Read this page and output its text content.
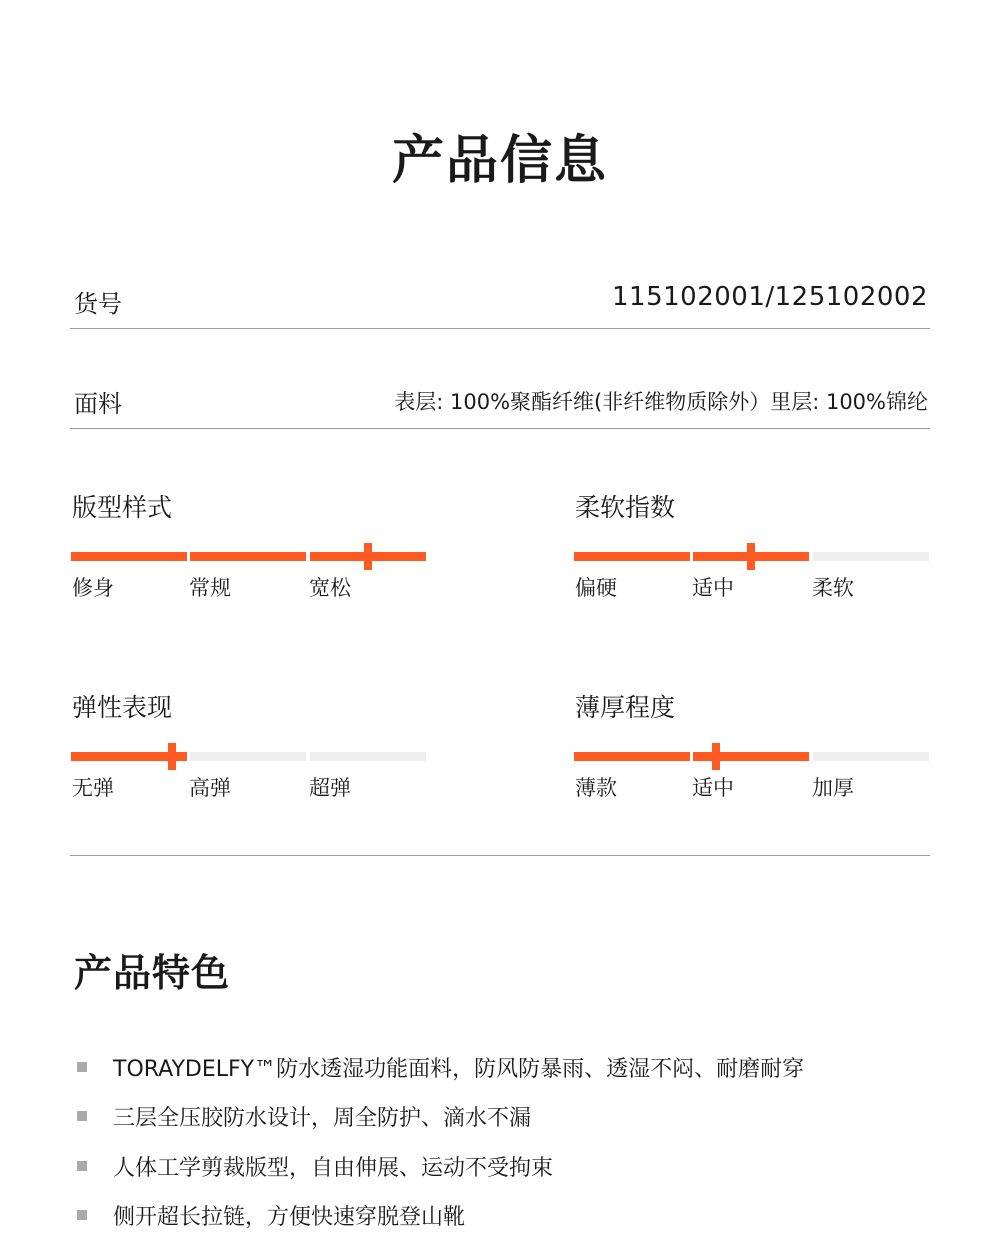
产品信息
货号	115102001/125102002
面料	表层: 100%聚酯纤维(非纤维物质除外）里层: 100%锦纶
版型样式
修身	常规	宽松
柔软指数
偏硬	适中	柔软
弹性表现
无弹	高弹	超弹
薄厚程度
薄款	适中	加厚
产品特色
TORAYDELFY™防水透湿功能面料，防风防暴雨、透湿不闷、耐磨耐穿
三层全压胶防水设计，周全防护、滴水不漏
人体工学剪裁版型，自由伸展、运动不受拘束
侧开超长拉链，方便快速穿脱登山靴
